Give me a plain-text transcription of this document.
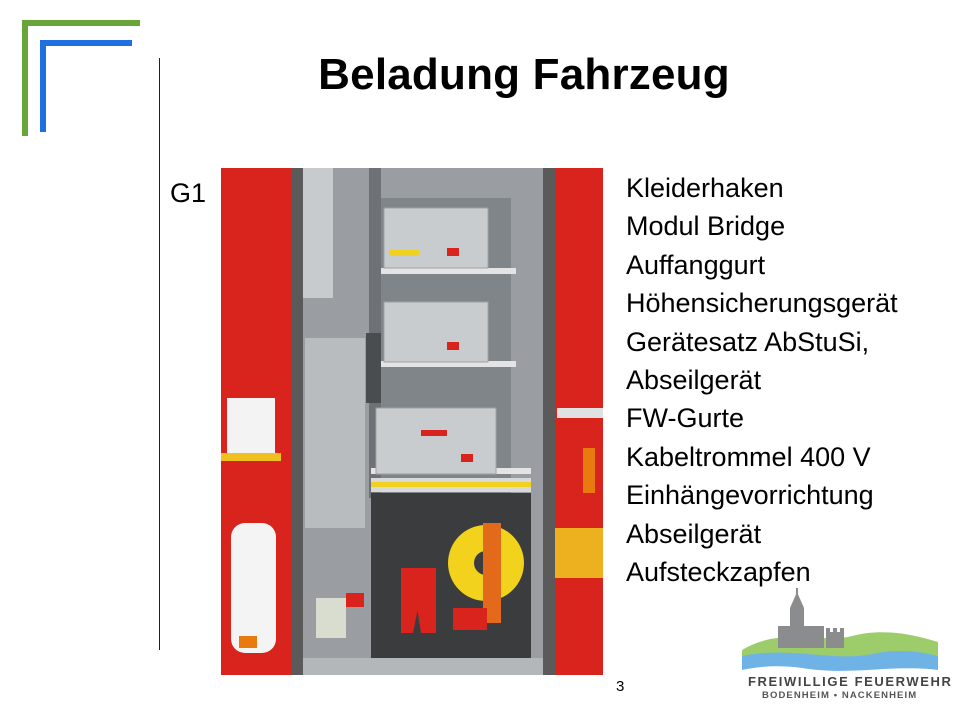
Beladung Fahrzeug
G1	Kleiderhaken
Modul Bridge
Auffanggurt
Höhensicherungsgerät
Gerätesatz AbStuSi,
Abseilgerät
FW-Gurte
Kabeltrommel 400 V
Einhängevorrichtung
Abseilgerät
Aufsteckzapfen
3	FREIWILLIGE FEUERWEHR
BODENHEIM • NACKENHEIM
